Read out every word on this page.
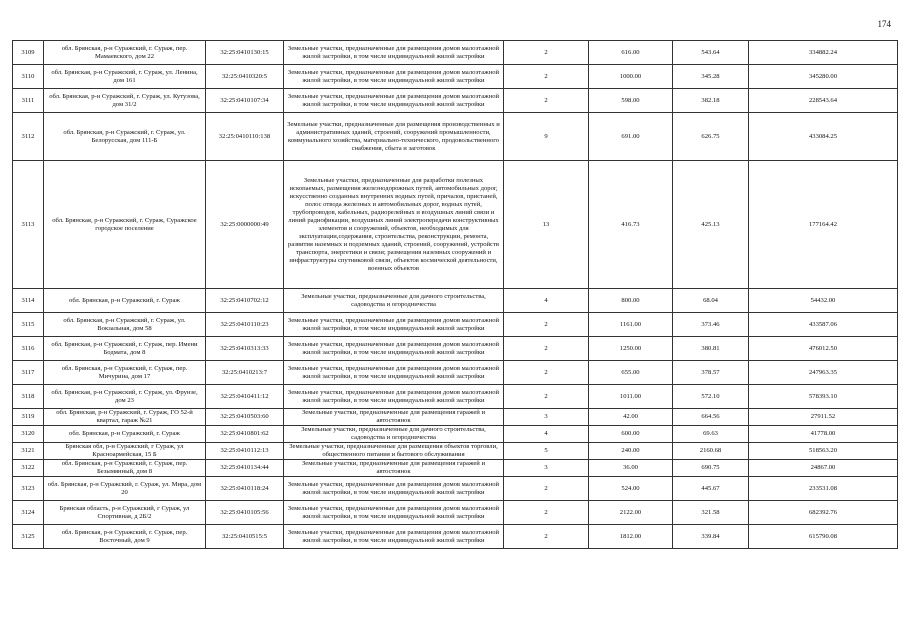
174
3109	обл. Брянская, р-н Суражский, г. Сураж, пер. Мамаевского, дом 22	32:25:0410130:15	Земельные участки, предназначенные для размещения домов малоэтажной жилой застройки, в том числе индивидуальной жилой застройки	2	616.00	543.64	334882.24
3110	обл. Брянская, р-н Суражский, г. Сураж, ул. Ленина, дом 161	32:25:0410320:5	Земельные участки, предназначенные для размещения домов малоэтажной жилой застройки, в том числе индивидуальной жилой застройки	2	1000.00	345.28	345280.00
3111	обл. Брянская, р-н Суражский, г. Сураж, ул. Кутузова, дом 31/2	32:25:0410107:34	Земельные участки, предназначенные для размещения домов малоэтажной жилой застройки, в том числе индивидуальной жилой застройки	2	598.00	382.18	228543.64
3112	обл. Брянская, р-н Суражский, г. Сураж, ул. Белорусская, дом 111-Б	32:25:0410110:138	Земельные участки, предназначенные для размещения производственных и административных зданий, строений, сооружений промышленности, коммунального хозяйства, материально-технического, продовольственного снабжения, сбыта и заготовок	9	691.00	626.75	433084.25
3113	обл. Брянская, р-н Суражский, г. Сураж, Суражское городское поселение	32:25:0000000:49	Земельные участки, предназначенные для разработки полезных ископаемых, размещения железнодорожных путей, автомобильных дорог, искусственно созданных внутренних водных путей, причалов, пристаней, полос отвода железных и автомобильных дорог, водных путей, трубопроводов, кабельных, радиорелейных и воздушных линий связи и линий радиофикации, воздушных линий электропередачи конструктивных элементов и сооружений, объектов, необходимых для эксплуатации,содержания, строительства, реконструкции, ремонта, развития наземных и подземных зданий, строений, сооружений, устройств транспорта, энергетики и связи; размещения наземных сооружений и инфраструктуры спутниковой связи, объектов космической деятельности, военных объектов	13	416.73	425.13	177164.42
3114	обл. Брянская, р-н Суражский, г. Сураж	32:25:0410702:12	Земельные участки, предназначенные для дачного строительства, садоводства и огородничества	4	800.00	68.04	54432.00
3115	обл. Брянская, р-н Суражский, г. Сураж, ул. Вокзальная, дом 58	32:25:0410110:23	Земельные участки, предназначенные для размещения домов малоэтажной жилой застройки, в том числе индивидуальной жилой застройки	2	1161.00	373.46	433587.06
3116	обл. Брянская, р-н Суражский, г. Сураж, пер. Имени Бодмата, дом 8	32:25:0410313:33	Земельные участки, предназначенные для размещения домов малоэтажной жилой застройки, в том числе индивидуальной жилой застройки	2	1250.00	380.81	476012.50
3117	обл. Брянская, р-н Суражский, г. Сураж, пер. Мичурина, дом 17	32:25:0410213:7	Земельные участки, предназначенные для размещения домов малоэтажной жилой застройки, в том числе индивидуальной жилой застройки	2	655.00	378.57	247963.35
3118	обл. Брянская, р-н Суражский, г. Сураж, ул. Фрунзе, дом 23	32:25:0410411:12	Земельные участки, предназначенные для размещения домов малоэтажной жилой застройки, в том числе индивидуальной жилой застройки	2	1011.00	572.10	578393.10
3119	обл. Брянская, р-н Суражский, г. Сураж, ГО 52-й квартал, гараж №21	32:25:0410503:60	Земельные участки, предназначенные для размещения гаражей и автостоянок	3	42.00	664.56	27911.52
3120	обл. Брянская, р-н Суражский, г. Сураж	32:25:0410801:62	Земельные участки, предназначенные для дачного строительства, садоводства и огородничества	4	600.00	69.63	41778.00
3121	Брянская обл, р-н Суражский, г Сураж, ул Красноармейская, 15 Б	32:25:0410112:13	Земельные участки, предназначенные для размещения объектов торговли, общественного питания и бытового обслуживания	5	240.00	2160.68	518563.20
3122	обл. Брянская, р-н Суражский, г. Сураж, пер. Безымянный, дом 8	32:25:0410134:44	Земельные участки, предназначенные для размещения гаражей и автостоянок	3	36.00	690.75	24867.00
3123	обл. Брянская, р-н Суражский, г. Сураж, ул. Мира, дом 20	32:25:0410118:24	Земельные участки, предназначенные для размещения домов малоэтажной жилой застройки, в том числе индивидуальной жилой застройки	2	524.00	445.67	233531.08
3124	Брянская область, р-н Суражский, г Сураж, ул Спортивная, д 2Б/2	32:25:0410105:56	Земельные участки, предназначенные для размещения домов малоэтажной жилой застройки, в том числе индивидуальной жилой застройки	2	2122.00	321.58	682392.76
3125	обл. Брянская, р-н Суражский, г. Сураж, пер. Восточный, дом 9	32:25:0410515:5	Земельные участки, предназначенные для размещения домов малоэтажной жилой застройки, в том числе индивидуальной жилой застройки	2	1812.00	339.84	615790.08
